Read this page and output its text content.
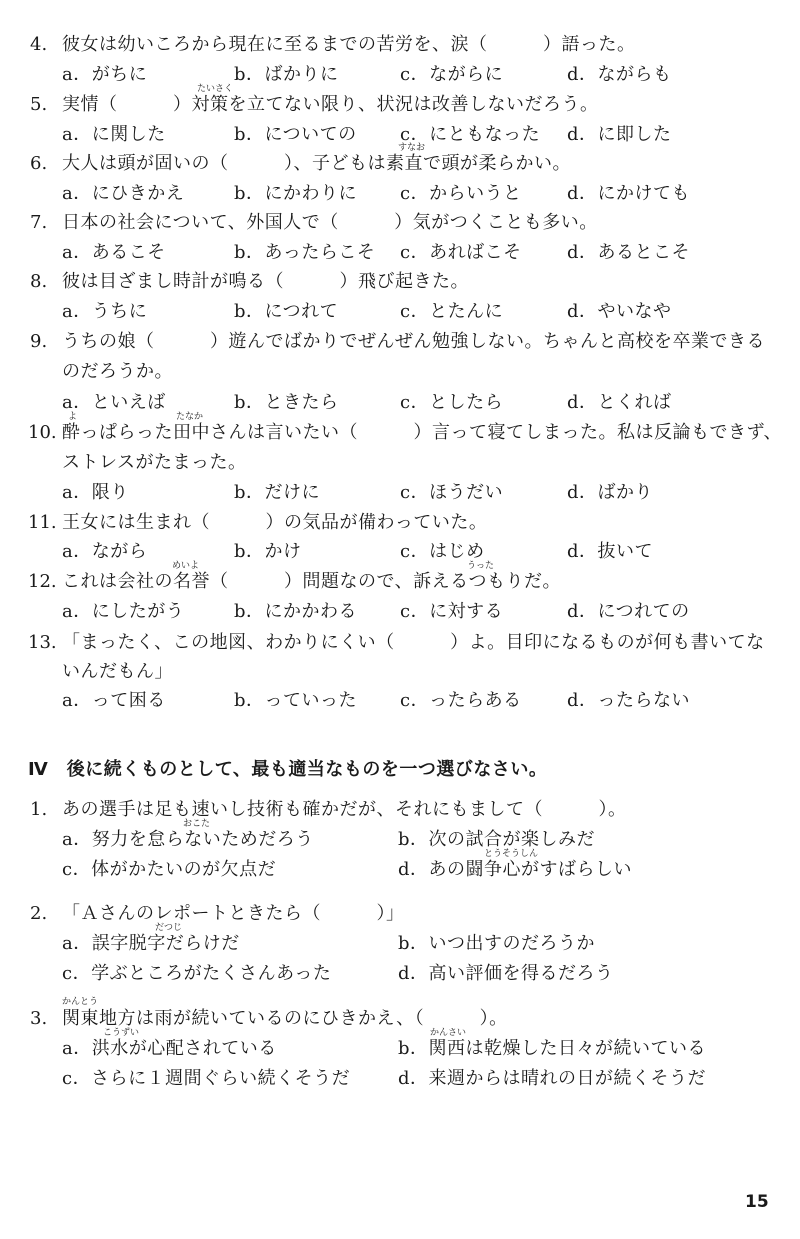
4. 彼女は幼いころから現在に至るまでの苦労を、涙（　　　）語った。
a．がちに	b．ばかりに	c．ながらに	d．ながらも
たいさく
5. 実情（　　　）対策を立てない限り、状況は改善しないだろう。
a．に関した	b．についての c．にともなった d．に即した
すなお
6. 大人は頭が固いの（　　　）、子どもは素直で頭が柔らかい。
a．にひきかえ	b．にかわりに c．からいうと	d．にかけても
7. 日本の社会について、外国人で（　　　）気がつくことも多い。
a．あるこそ	b．あったらこそ c．あればこそ	d．あるとこそ
8. 彼は目ざまし時計が鳴る（　　　）飛び起きた。
a．うちに	b．につれて	c．とたんに	d．やいなや
9. うちの娘（　　　）遊んでばかりでぜんぜん勉強しない。ちゃんと高校を卒業できる
のだろうか。
a．といえば	b．ときたら	c．としたら	d．とくれば
よ	たなか
10. 酔っぱらった田中さんは言いたい（　　　）言って寝てしまった。私は反論もできず、
ストレスがたまった。
a．限り	b．だけに	c．ほうだい	d．ばかり
11. 王女には生まれ（　　　）の気品が備わっていた。
a．ながら	b．かけ	c．はじめ	d．抜いて
めいよ	うった
12. これは会社の名誉（　　　）問題なので、訴えるつもりだ。
a．にしたがう	b．にかかわる c．に対する	d．につれての
13. 「まったく、この地図、わかりにくい（　　　）よ。目印になるものが何も書いてな
いんだもん」
a．って困る	b．っていった c．ったらある	d．ったらない
Ⅳ　後に続くものとして、最も適当なものを一つ選びなさい。
1. あの選手は足も速いし技術も確かだが、それにもまして（　　　）。
おこた
a．努力を怠らないためだろう	b．次の試合が楽しみだ
とうそうしん
c．体がかたいのが欠点だ	d．あの闘争心がすばらしい
2. 「Ａさんのレポートときたら（　　　）」
だつじ
a．誤字脱字だらけだ	b．いつ出すのだろうか
c．学ぶところがたくさんあった	d．高い評価を得るだろう
かんとう
3. 関東地方は雨が続いているのにひきかえ、（　　　）。
こうずい	かんさい
a．洪水が心配されている	b．関西は乾燥した日々が続いている
c．さらに１週間ぐらい続くそうだ	d．来週からは晴れの日が続くそうだ
15
